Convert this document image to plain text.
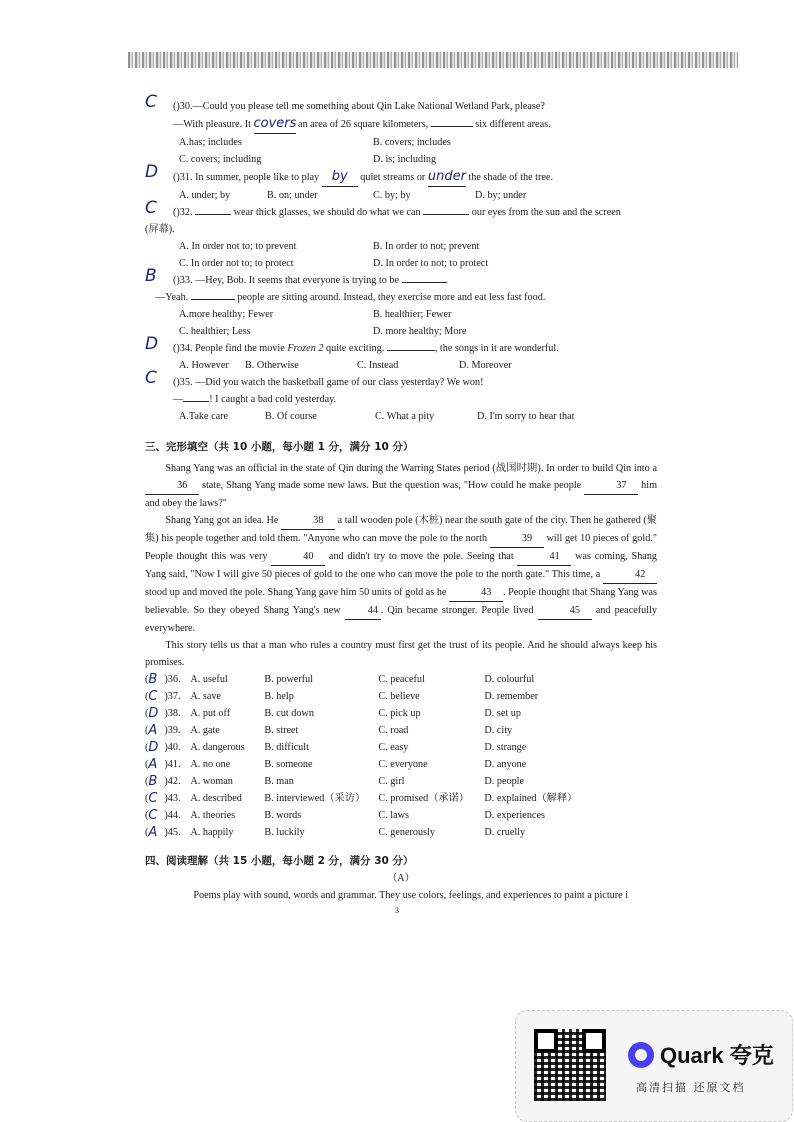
C ()30.—Could you please tell me something about Qin Lake National Wetland Park, please?
—With pleasure. It covers an area of 26 square kilometers,	six different areas.
A.has; includes	B. covers; includes
C. covers; including	D. is; including
D ()31. In summer, people like to play by quiet streams or under the shade of the tree.
A. under; by	B. on; under	C. by; by	D. by; under
C ()32.	wear thick glasses, we should do what we can	our eyes from the sun and the screen
(屏幕).
A. In order not to; to prevent	B. In order to not; prevent
C. In order not to; to protect	D. In order to not; to protect
B ()33. —Hey, Bob. It seems that everyone is trying to be	.
—Yeah.	people are sitting around. Instead, they exercise more and eat less fast food.
A.more healthy; Fewer	B. healthier; Fewer
C. healthier; Less	D. more healthy; More
D ()34. People find the movie Frozen 2 quite exciting.	, the songs in it are wonderful.
A. However B. Otherwise	C. Instead	D. Moreover
C ()35. —Did you watch the basketball game of our class yesterday? We won!
—	! I caught a bad cold yesterday.
A.Take care	B. Of course	C. What a pity	D. I'm sorry to hear that
三、完形填空（共 10 小题，每小题 1 分，满分 10 分）
Shang Yang was an official in the state of Qin during the Warring States period (战国时期). In order to build Qin into a 36 state, Shang Yang made some new laws. But the question was, "How could he make people	37 him and obey the laws?"
Shang Yang got an idea. He	38 a tall wooden pole (木桩) near the south gate of the city. Then he gathered (聚集) his people together and told them. "Anyone who can move the pole to the north	39 will get 10 pieces of gold." People thought this was very	40 and didn't try to move the pole. Seeing that	41 was coming, Shang Yang said, "Now I will give 50 pieces of gold to the one who can move the pole to the north gate." This time, a	42 stood up and moved the pole. Shang Yang gave him 50 units of gold as he	43 . People thought that Shang Yang was believable. So they obeyed Shang Yang's new	44 . Qin became stronger. People lived	45 and peacefully everywhere.
This story tells us that a man who rules a country must first get the trust of its people. And he should always keep his promises.
( B )36. A. useful	B. powerful	C. peaceful	D. colourful
( C )37. A. save	B. help	C. believe	D. remember
( D )38. A. put off	B. cut down	C. pick up	D. set up
( A )39. A. gate	B. street	C. road	D. city
( D )40. A. dangerous	B. difficult	C. easy	D. strange
( A )41. A. no one	B. someone	C. everyone	D. anyone
( B )42. A. woman	B. man	C. girl	D. people
( C )43. A. described	B. interviewed（采访）	C. promised（承诺）	D. explained（解释）
( C )44. A. theories	B. words	C. laws	D. experiences
( A )45. A. happily	B. luckily	C. generously	D. cruelly
四、阅读理解（共 15 小题，每小题 2 分，满分 30 分）
（A）
Poems play with sound, words and grammar. They use colors, feelings, and experiences to paint a picture i
3
Quark 夸克
高清扫描 还原文档
